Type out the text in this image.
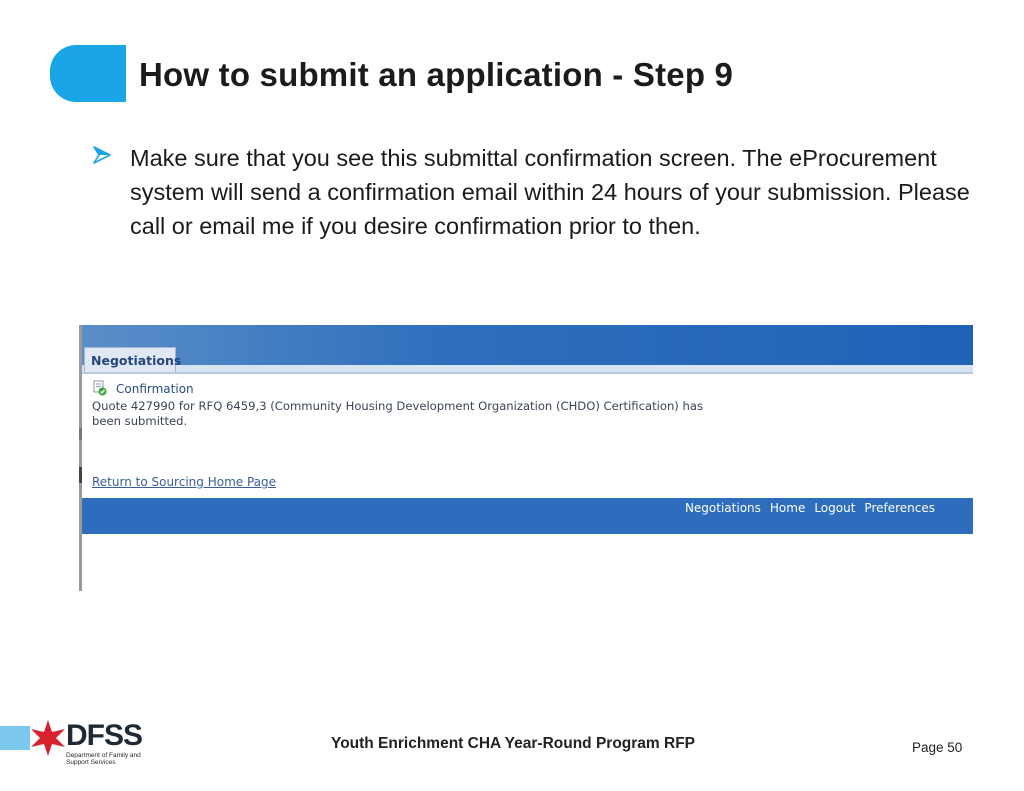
How to submit an application - Step 9

Make sure that you see this submittal confirmation screen. The eProcurement system will send a confirmation email within 24 hours of your submission. Please call or email me if you desire confirmation prior to then.

Negotiations

Confirmation

Quote 427990 for RFQ 6459,3 (Community Housing Development Organization (CHDO) Certification) has been submitted.

Return to Sourcing Home Page
Negotiations Home Logout Preferences
DFSS
Department of Family and Support Services
Youth Enrichment CHA Year-Round Program RFP	Page 50
